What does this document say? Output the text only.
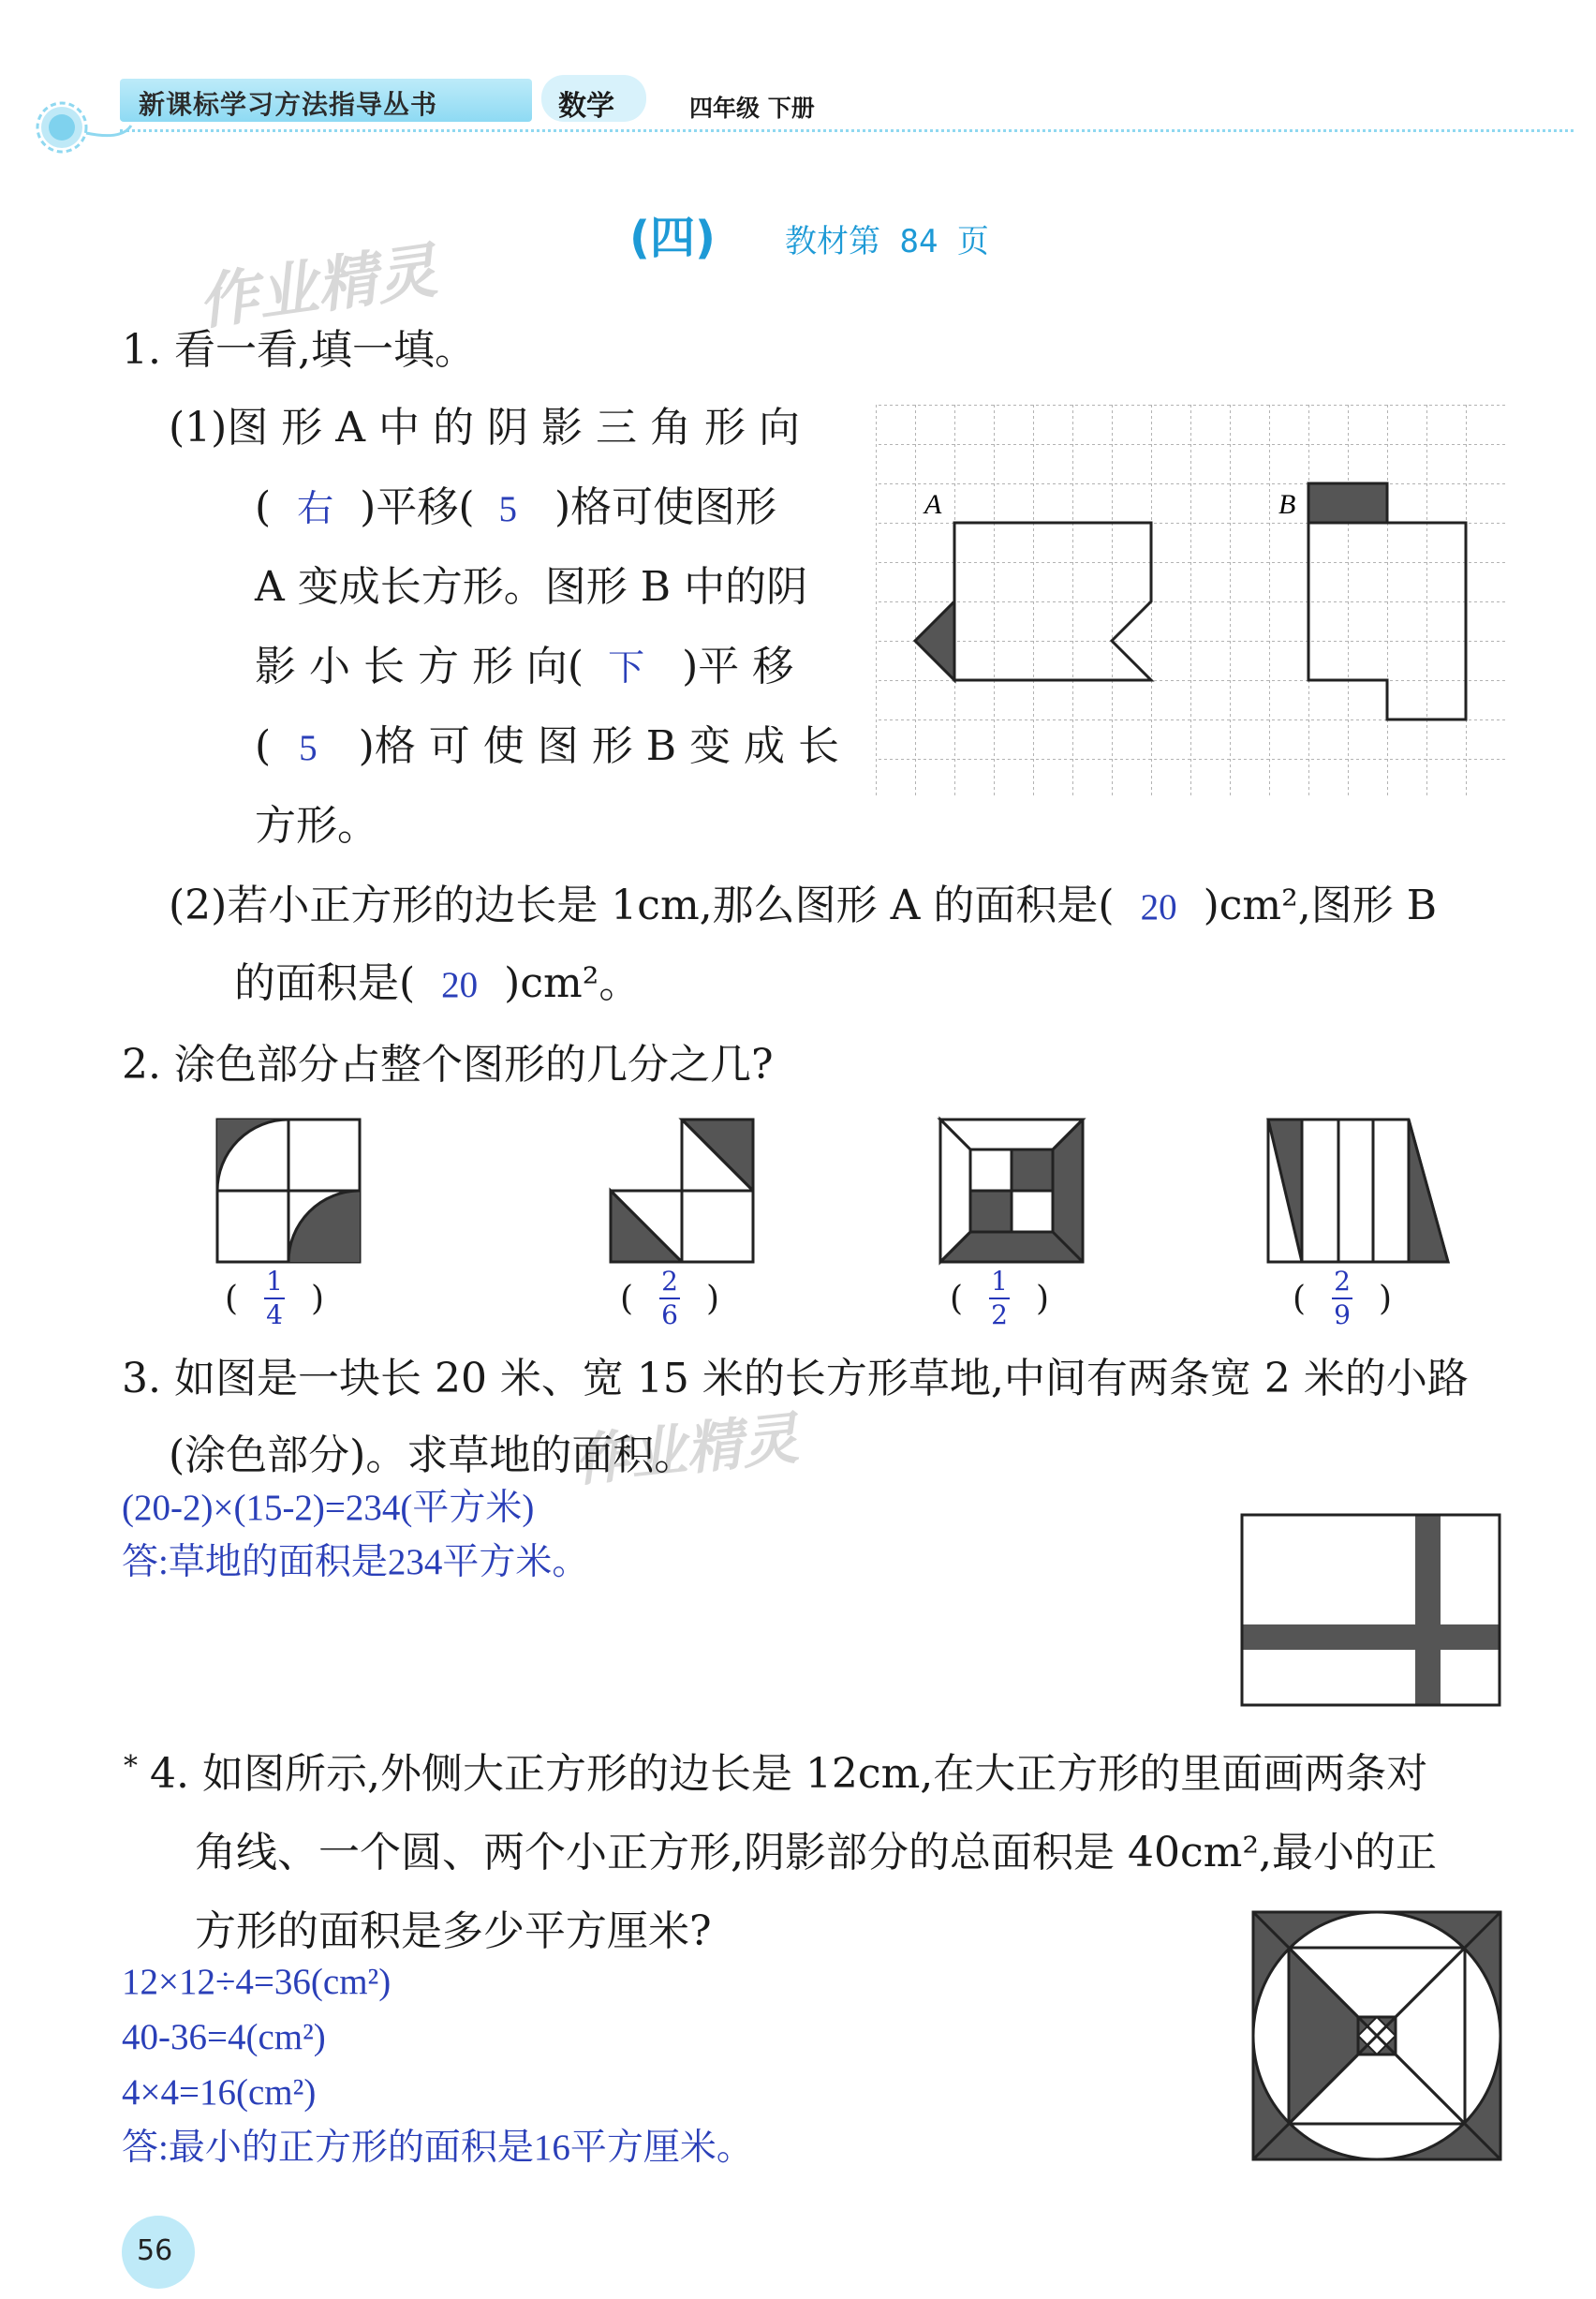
新课标学习方法指导丛书	数学	四年级 下册
(四) 教材第 84 页
作业精灵
作业精灵
1. 看一看,填一填。
(1)图 形 A 中 的 阴 影 三 角 形 向
( 右 )平移( 5 )格可使图形
A 变成长方形。图形 B 中的阴
影 小 长 方 形 向( 下 )平 移
( 5 )格 可 使 图 形 B 变 成 长
方形。
(2)若小正方形的边长是 1cm,那么图形 A 的面积是( 20 )cm²,图形 B
的面积是( 20 )cm²。
A	B
2. 涂色部分占整个图形的几分之几?
( $\frac{1}{4}$ )	( $\frac{2}{6}$ )	( $\frac{1}{2}$ )	( $\frac{2}{9}$ )
3. 如图是一块长 20 米、宽 15 米的长方形草地,中间有两条宽 2 米的小路
(涂色部分)。求草地的面积。
(20-2)×(15-2)=234(平方米)
答:草地的面积是234平方米。
* 4. 如图所示,外侧大正方形的边长是 12cm,在大正方形的里面画两条对
角线、一个圆、两个小正方形,阴影部分的总面积是 40cm²,最小的正
方形的面积是多少平方厘米?
12×12÷4=36(cm²)
40-36=4(cm²)
4×4=16(cm²)
答:最小的正方形的面积是16平方厘米。
56
